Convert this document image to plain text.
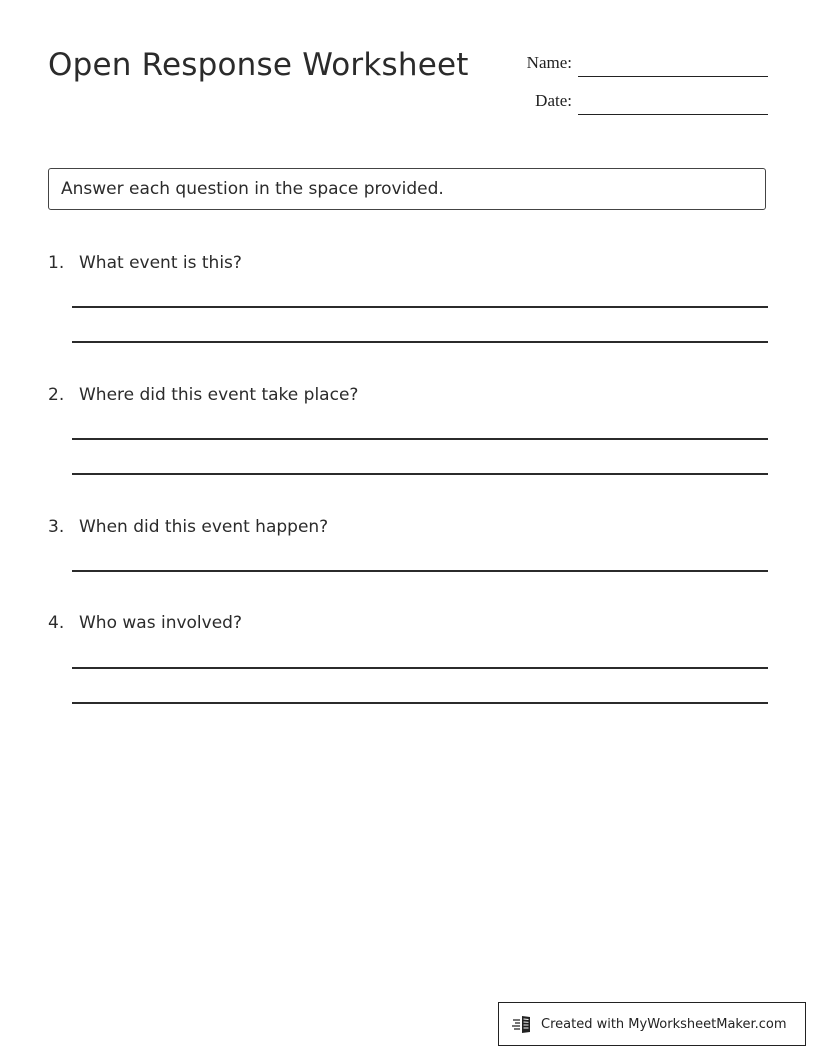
Open Response Worksheet	Name:
Date:
Answer each question in the space provided.
1. What event is this?
2. Where did this event take place?
3. When did this event happen?
4. Who was involved?
Created with MyWorksheetMaker.com
